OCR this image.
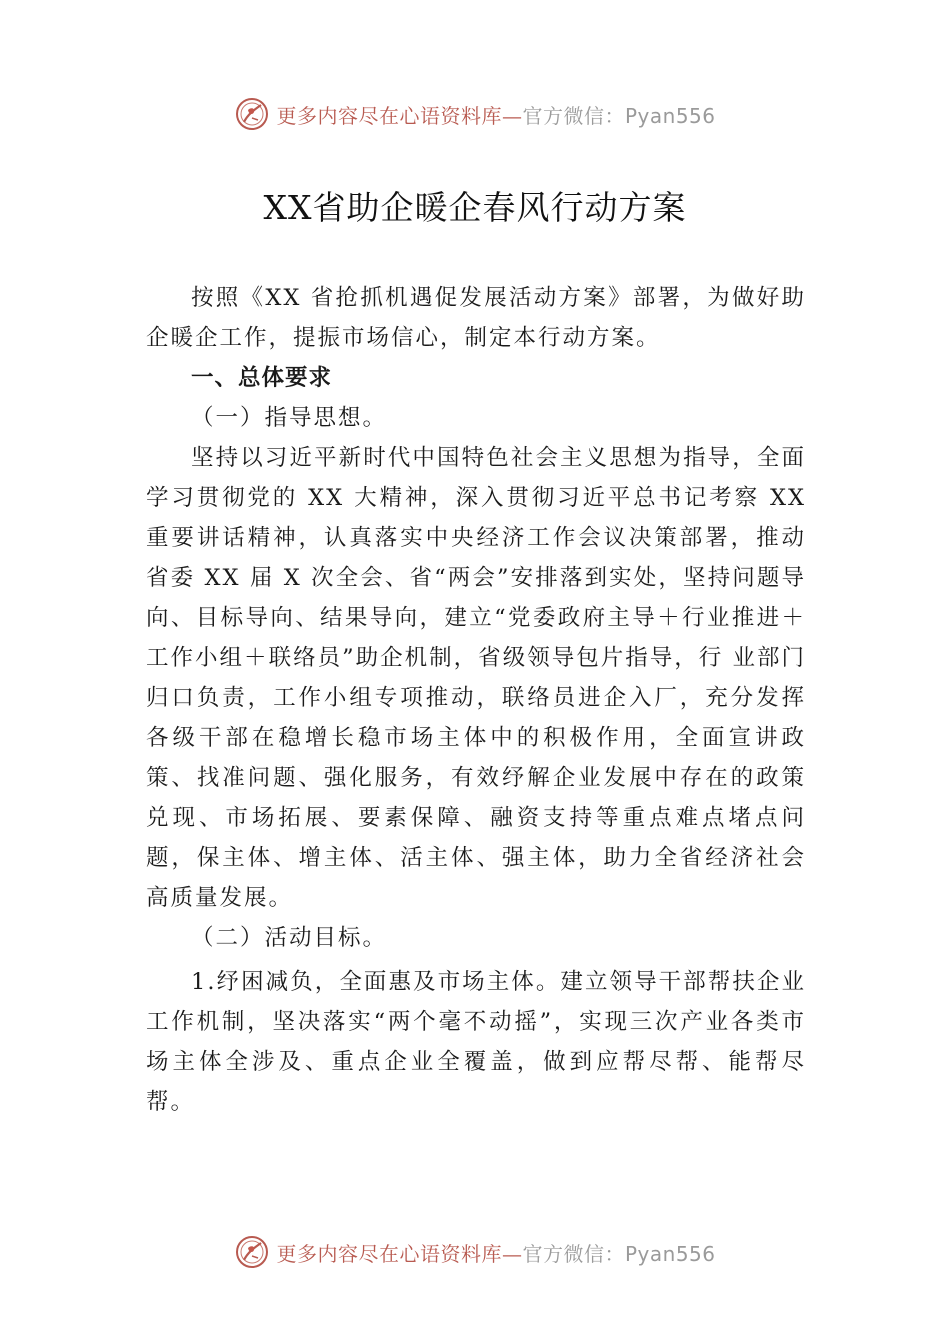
更多内容尽在心语资料库—官方微信：Pyan556
XX省助企暖企春风行动方案

按照《XX 省抢抓机遇促发展活动方案》部署，为做好助企暖企工作，提振市场信心，制定本行动方案。

一、总体要求

（一）指导思想。

坚持以习近平新时代中国特色社会主义思想为指导，全面学习贯彻党的 XX 大精神，深入贯彻习近平总书记考察 XX 重要讲话精神，认真落实中央经济工作会议决策部署，推动省委 XX 届 X 次全会、省“两会”安排落到实处，坚持问题导向、目标导向、结果导向，建立“党委政府主导＋行业推进＋工作小组＋联络员”助企机制，省级领导包片指导，行 业部门归口负责，工作小组专项推动，联络员进企入厂，充分发挥各级干部在稳增长稳市场主体中的积极作用，全面宣讲政策、找准问题、强化服务，有效纾解企业发展中存在的政策兑现、市场拓展、要素保障、融资支持等重点难点堵点问题，保主体、增主体、活主体、强主体，助力全省经济社会高质量发展。

（二）活动目标。

1.纾困减负，全面惠及市场主体。建立领导干部帮扶企业工作机制，坚决落实“两个毫不动摇”，实现三次产业各类市场主体全涉及、重点企业全覆盖，做到应帮尽帮、能帮尽帮。

更多内容尽在心语资料库—官方微信：Pyan556
